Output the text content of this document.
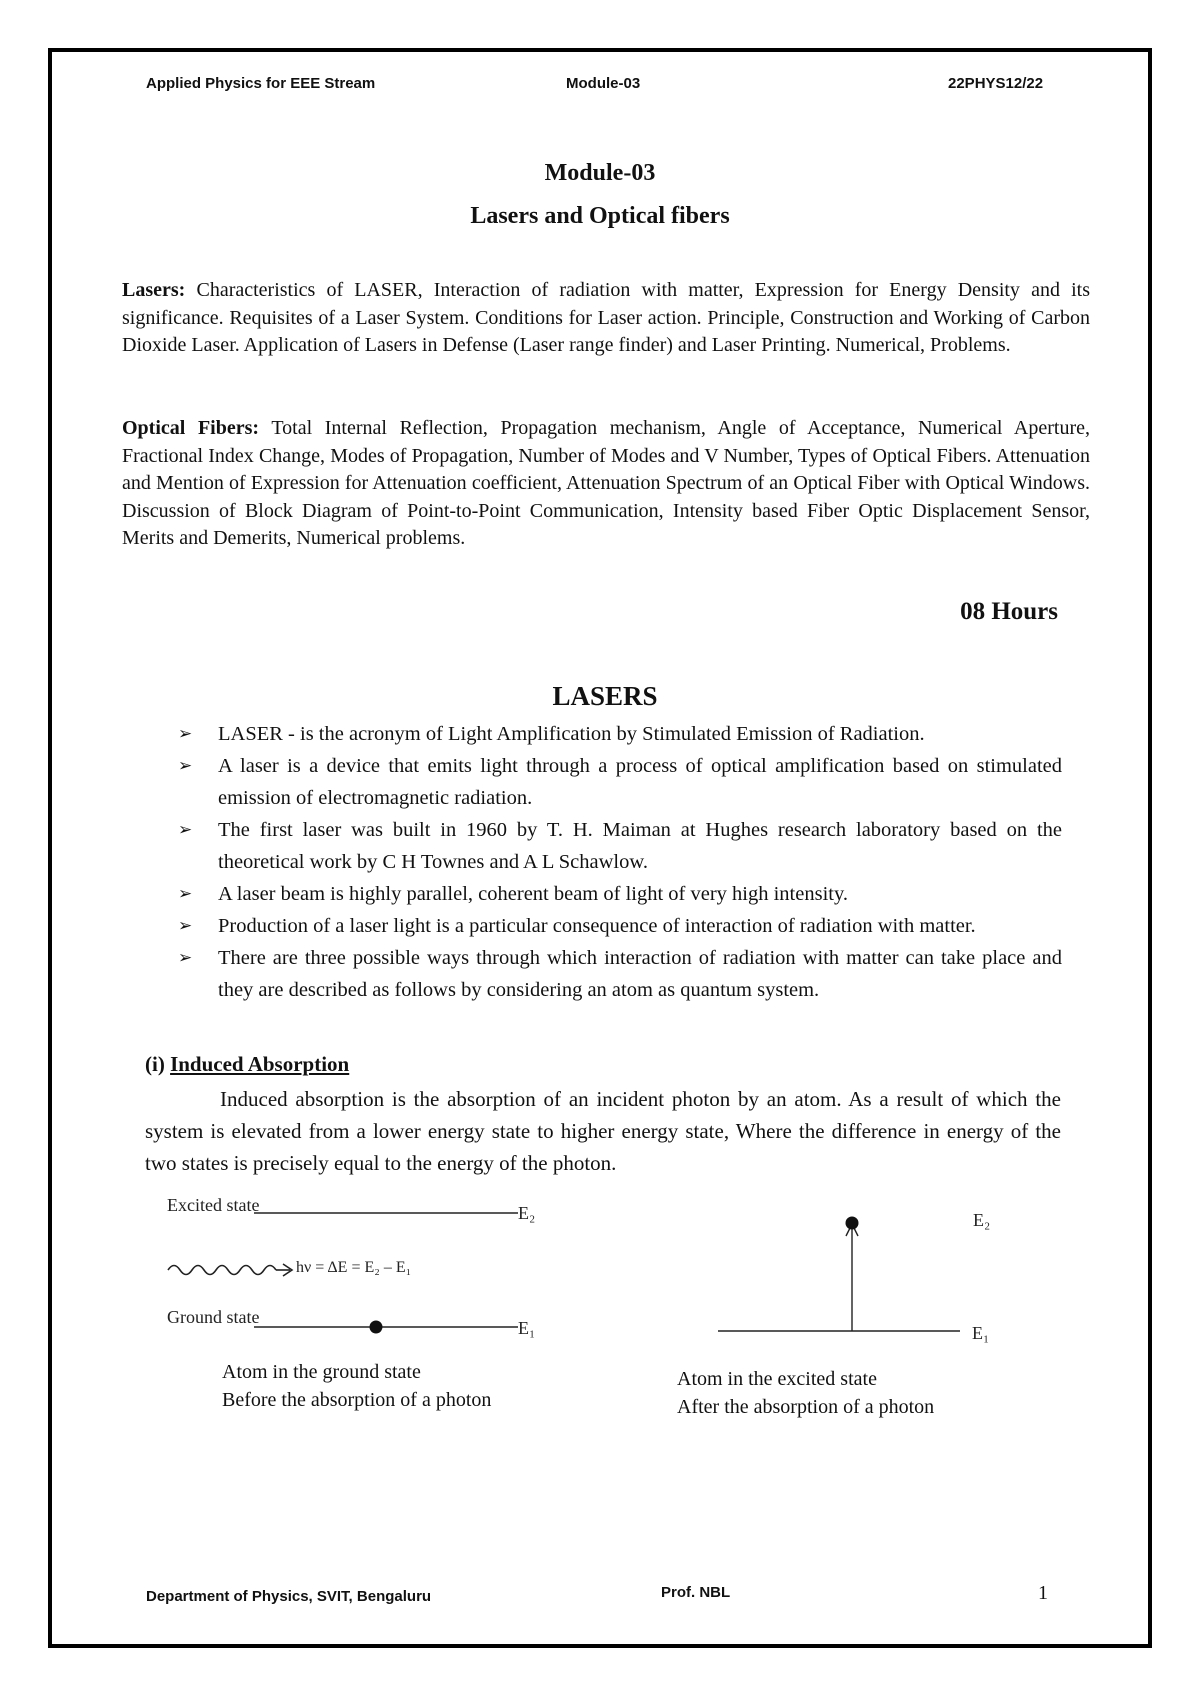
Applied Physics for EEE Stream	Module-03	22PHYS12/22
Module-03
Lasers and Optical fibers
Lasers: Characteristics of LASER, Interaction of radiation with matter, Expression for Energy Density and its significance. Requisites of a Laser System. Conditions for Laser action. Principle, Construction and Working of Carbon Dioxide Laser. Application of Lasers in Defense (Laser range finder) and Laser Printing. Numerical, Problems.
Optical Fibers: Total Internal Reflection, Propagation mechanism, Angle of Acceptance, Numerical Aperture, Fractional Index Change, Modes of Propagation, Number of Modes and V Number, Types of Optical Fibers. Attenuation and Mention of Expression for Attenuation coefficient, Attenuation Spectrum of an Optical Fiber with Optical Windows. Discussion of Block Diagram of Point-to-Point Communication, Intensity based Fiber Optic Displacement Sensor, Merits and Demerits, Numerical problems.
08 Hours
LASERS
➢ LASER - is the acronym of Light Amplification by Stimulated Emission of Radiation.
➢ A laser is a device that emits light through a process of optical amplification based on stimulated emission of electromagnetic radiation.
➢ The first laser was built in 1960 by T. H. Maiman at Hughes research laboratory based on the theoretical work by C H Townes and A L Schawlow.
➢ A laser beam is highly parallel, coherent beam of light of very high intensity.
➢ Production of a laser light is a particular consequence of interaction of radiation with matter.
➢ There are three possible ways through which interaction of radiation with matter can take place and they are described as follows by considering an atom as quantum system.
(i) Induced Absorption
Induced absorption is the absorption of an incident photon by an atom. As a result of which the system is elevated from a lower energy state to higher energy state, Where the difference in energy of the two states is precisely equal to the energy of the photon.
Excited state	E₂
hν = ΔE = E₂ – E₁
Ground state
E₁
E₂
E₁
Atom in the ground state
Before the absorption of a photon
Atom in the excited state
After the absorption of a photon
Department of Physics, SVIT, Bengaluru	Prof. NBL	1
